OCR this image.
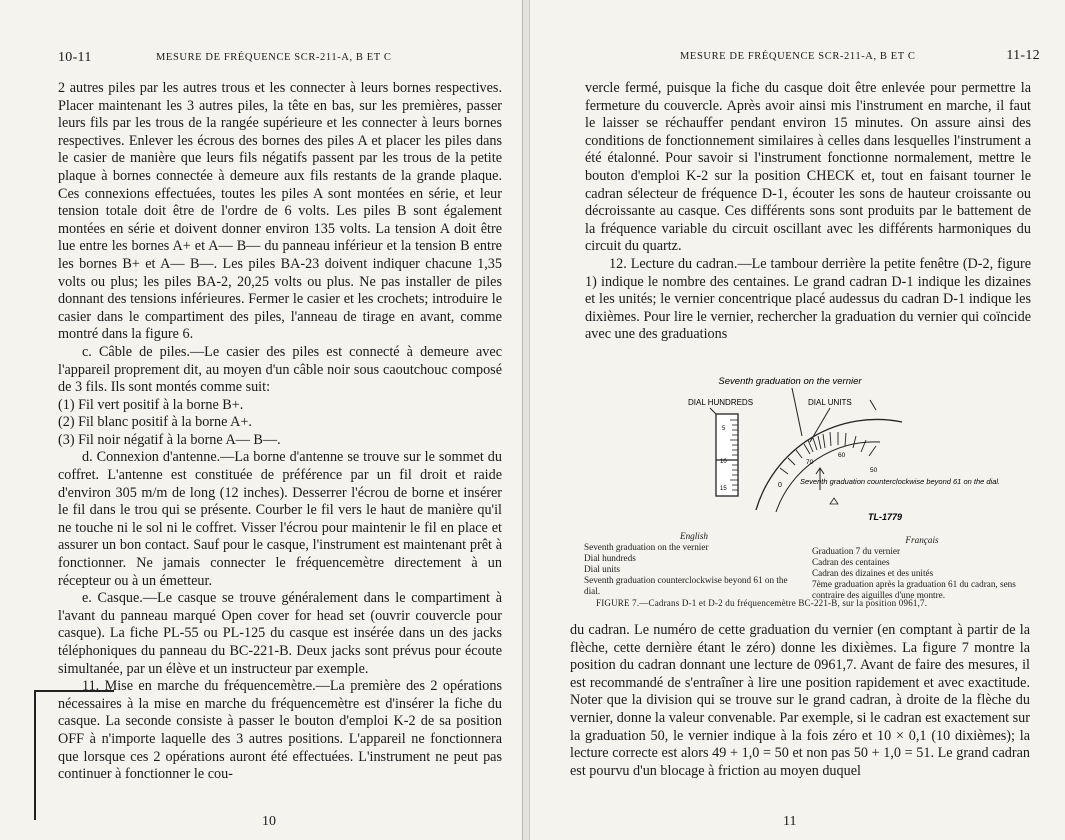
10-11	MESURE DE FRÉQUENCE SCR-211-A, B ET C

2 autres piles par les autres trous et les connecter à leurs bornes respectives. Placer maintenant les 3 autres piles, la tête en bas, sur les premières, passer leurs fils par les trous de la rangée supérieure et les connecter à leurs bornes respectives. Enlever les écrous des bornes des piles A et placer les piles dans le casier de manière que leurs fils négatifs passent par les trous de la petite plaque à bornes connectée à demeure aux fils restants de la grande plaque. Ces connexions effectuées, toutes les piles A sont montées en série, et leur tension totale doit être de l'ordre de 6 volts. Les piles B sont également montées en série et doivent donner environ 135 volts. La tension A doit être lue entre les bornes A+ et A— B— du panneau inférieur et la tension B entre les bornes B+ et A— B—. Les piles BA-23 doivent indiquer chacune 1,35 volts ou plus; les piles BA-2, 20,25 volts ou plus. Ne pas installer de piles donnant des tensions inférieures. Fermer le casier et les crochets; introduire le casier dans le compartiment des piles, l'anneau de tirage en avant, comme montré dans la figure 6.

c. Câble de piles.—Le casier des piles est connecté à demeure avec l'appareil proprement dit, au moyen d'un câble noir sous caoutchouc composé de 3 fils. Ils sont montés comme suit:

(1) Fil vert positif à la borne B+.

(2) Fil blanc positif à la borne A+.

(3) Fil noir négatif à la borne A— B—.

d. Connexion d'antenne.—La borne d'antenne se trouve sur le sommet du coffret. L'antenne est constituée de préférence par un fil droit et raide d'environ 305 m/m de long (12 inches). Desserrer l'écrou de borne et insérer le fil dans le trou qui se présente. Courber le fil vers le haut de manière qu'il ne touche ni le sol ni le coffret. Visser l'écrou pour maintenir le fil en place et assurer un bon contact. Sauf pour le casque, l'instrument est maintenant prêt à fonctionner. Ne jamais connecter le fréquencemètre directement à un récepteur ou à un émetteur.

e. Casque.—Le casque se trouve généralement dans le compartiment à l'avant du panneau marqué Open cover for head set (ouvrir couvercle pour casque). La fiche PL-55 ou PL-125 du casque est insérée dans un des jacks téléphoniques du panneau du BC-221-B. Deux jacks sont prévus pour écoute simultanée, par un élève et un instructeur par exemple.

11. Mise en marche du fréquencemètre.—La première des 2 opérations nécessaires à la mise en marche du fréquencemètre est d'insérer la fiche du casque. La seconde consiste à passer le bouton d'emploi K-2 de sa position OFF à n'importe laquelle des 3 autres positions. L'appareil ne fonctionnera que lorsque ces 2 opérations auront été effectuées. L'instrument ne peut pas continuer à fonctionner le cou-

10
MESURE DE FRÉQUENCE SCR-211-A, B ET C	11-12

vercle fermé, puisque la fiche du casque doit être enlevée pour permettre la fermeture du couvercle. Après avoir ainsi mis l'instrument en marche, il faut le laisser se réchauffer pendant environ 15 minutes. On assure ainsi des conditions de fonctionnement similaires à celles dans lesquelles l'instrument a été étalonné. Pour savoir si l'instrument fonctionne normalement, mettre le bouton d'emploi K-2 sur la position CHECK et, tout en faisant tourner le cadran sélecteur de fréquence D-1, écouter les sons de hauteur croissante ou décroissante au casque. Ces différents sons sont produits par le battement de la fréquence variable du circuit oscillant avec les différents harmoniques du circuit du quartz.

12. Lecture du cadran.—Le tambour derrière la petite fenêtre (D-2, figure 1) indique le nombre des centaines. Le grand cadran D-1 indique les dizaines et les unités; le vernier concentrique placé audessus du cadran D-1 indique les dixièmes. Pour lire le vernier, rechercher la graduation du vernier qui coïncide avec une des graduations

du cadran. Le numéro de cette graduation du vernier (en comptant à partir de la flèche, cette dernière étant le zéro) donne les dixièmes. La figure 7 montre la position du cadran donnant une lecture de 0961,7. Avant de faire des mesures, il est recommandé de s'entraîner à lire une position rapidement et avec exactitude. Noter que la division qui se trouve sur le grand cadran, à droite de la flèche du vernier, donne la valeur convenable. Par exemple, si le cadran est exactement sur la graduation 50, le vernier indique à la fois zéro et 10 × 0,1 (10 dixièmes); la lecture correcte est alors 49 + 1,0 = 50 et non pas 50 + 1,0 = 51. Le grand cadran est pourvu d'un blocage à friction au moyen duquel

11
Seventh graduation on the vernier
DIAL HUNDREDS	DIAL UNITS
5
10
15
70
60
50
0 Seventh graduation counterclockwise beyond 61 on the dial.
TL-1779
English
Seventh graduation on the vernier
Dial hundreds
Dial units
Seventh graduation counterclockwise beyond 61 on the dial.
Français
Graduation 7 du vernier
Cadran des centaines
Cadran des dizaines et des unités
7ème graduation après la graduation 61 du cadran, sens contraire des aiguilles d'une montre.
FIGURE 7.—Cadrans D-1 et D-2 du fréquencemètre BC-221-B, sur la position 0961,7.
